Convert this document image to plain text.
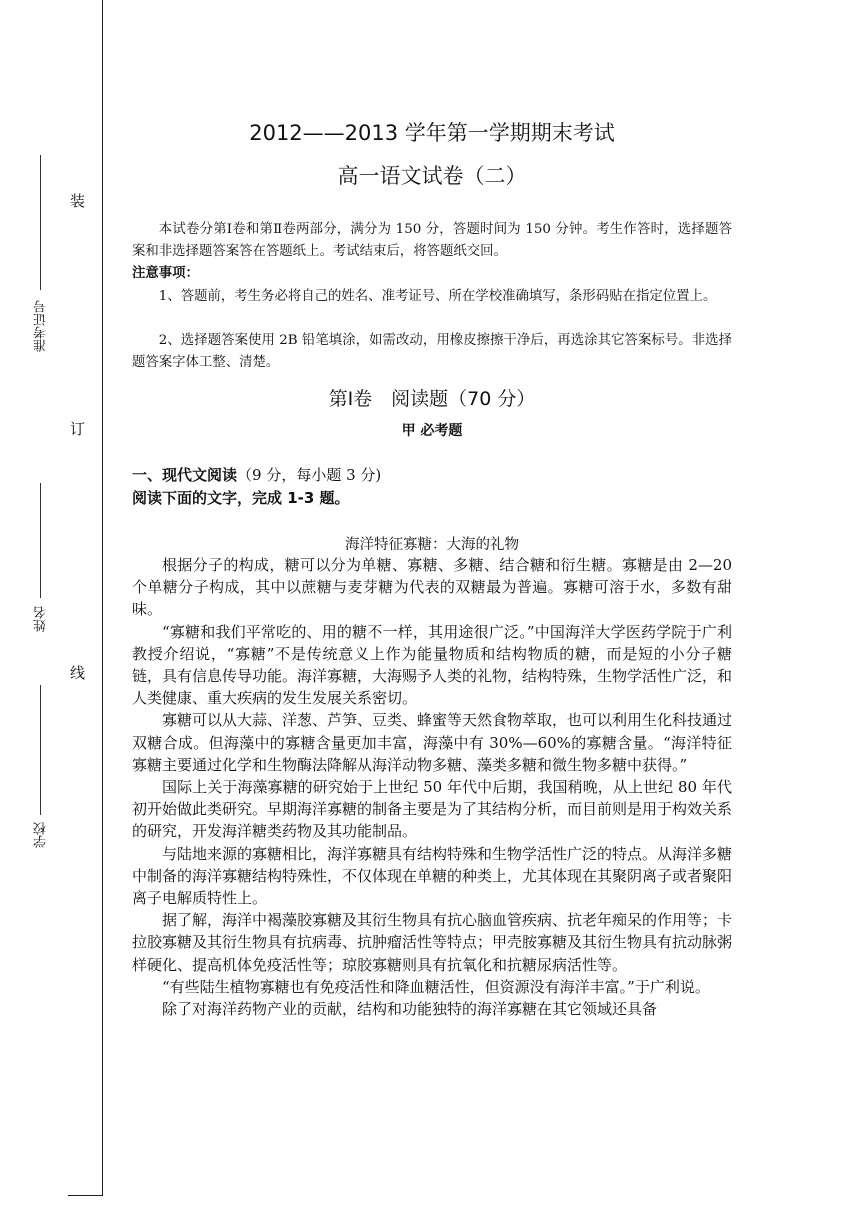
装
订
线
准考证号
姓名
学校
2012——2013 学年第一学期期末考试
高一语文试卷（二）
本试卷分第Ⅰ卷和第Ⅱ卷两部分，满分为 150 分，答题时间为 150 分钟。考生作答时，选择题答案和非选择题答案答在答题纸上。考试结束后，将答题纸交回。
注意事项：
1、答题前，考生务必将自己的姓名、准考证号、所在学校准确填写，条形码贴在指定位置上。
2、选择题答案使用 2B 铅笔填涂，如需改动，用橡皮擦擦干净后，再选涂其它答案标号。非选择题答案字体工整、清楚。
第Ⅰ卷　阅读题（70 分）
甲 必考题
一、现代文阅读（9 分，每小题 3 分)
阅读下面的文字，完成 1-3 题。
海洋特征寡糖：大海的礼物

根据分子的构成，糖可以分为单糖、寡糖、多糖、结合糖和衍生糖。寡糖是由 2—20 个单糖分子构成，其中以蔗糖与麦芽糖为代表的双糖最为普遍。寡糖可溶于水，多数有甜味。

“寡糖和我们平常吃的、用的糖不一样，其用途很广泛。”中国海洋大学医药学院于广利教授介绍说，“寡糖”不是传统意义上作为能量物质和结构物质的糖，而是短的小分子糖链，具有信息传导功能。海洋寡糖，大海赐予人类的礼物，结构特殊，生物学活性广泛，和人类健康、重大疾病的发生发展关系密切。

寡糖可以从大蒜、洋葱、芦笋、豆类、蜂蜜等天然食物萃取，也可以利用生化科技通过双糖合成。但海藻中的寡糖含量更加丰富，海藻中有 30%—60%的寡糖含量。“海洋特征寡糖主要通过化学和生物酶法降解从海洋动物多糖、藻类多糖和微生物多糖中获得。”

国际上关于海藻寡糖的研究始于上世纪 50 年代中后期，我国稍晚，从上世纪 80 年代初开始做此类研究。早期海洋寡糖的制备主要是为了其结构分析，而目前则是用于构效关系的研究，开发海洋糖类药物及其功能制品。

与陆地来源的寡糖相比，海洋寡糖具有结构特殊和生物学活性广泛的特点。从海洋多糖中制备的海洋寡糖结构特殊性，不仅体现在单糖的种类上，尤其体现在其聚阴离子或者聚阳离子电解质特性上。

据了解，海洋中褐藻胶寡糖及其衍生物具有抗心脑血管疾病、抗老年痴呆的作用等；卡拉胶寡糖及其衍生物具有抗病毒、抗肿瘤活性等特点；甲壳胺寡糖及其衍生物具有抗动脉粥样硬化、提高机体免疫活性等；琼胶寡糖则具有抗氧化和抗糖尿病活性等。

“有些陆生植物寡糖也有免疫活性和降血糖活性，但资源没有海洋丰富。”于广利说。

除了对海洋药物产业的贡献，结构和功能独特的海洋寡糖在其它领域还具备
